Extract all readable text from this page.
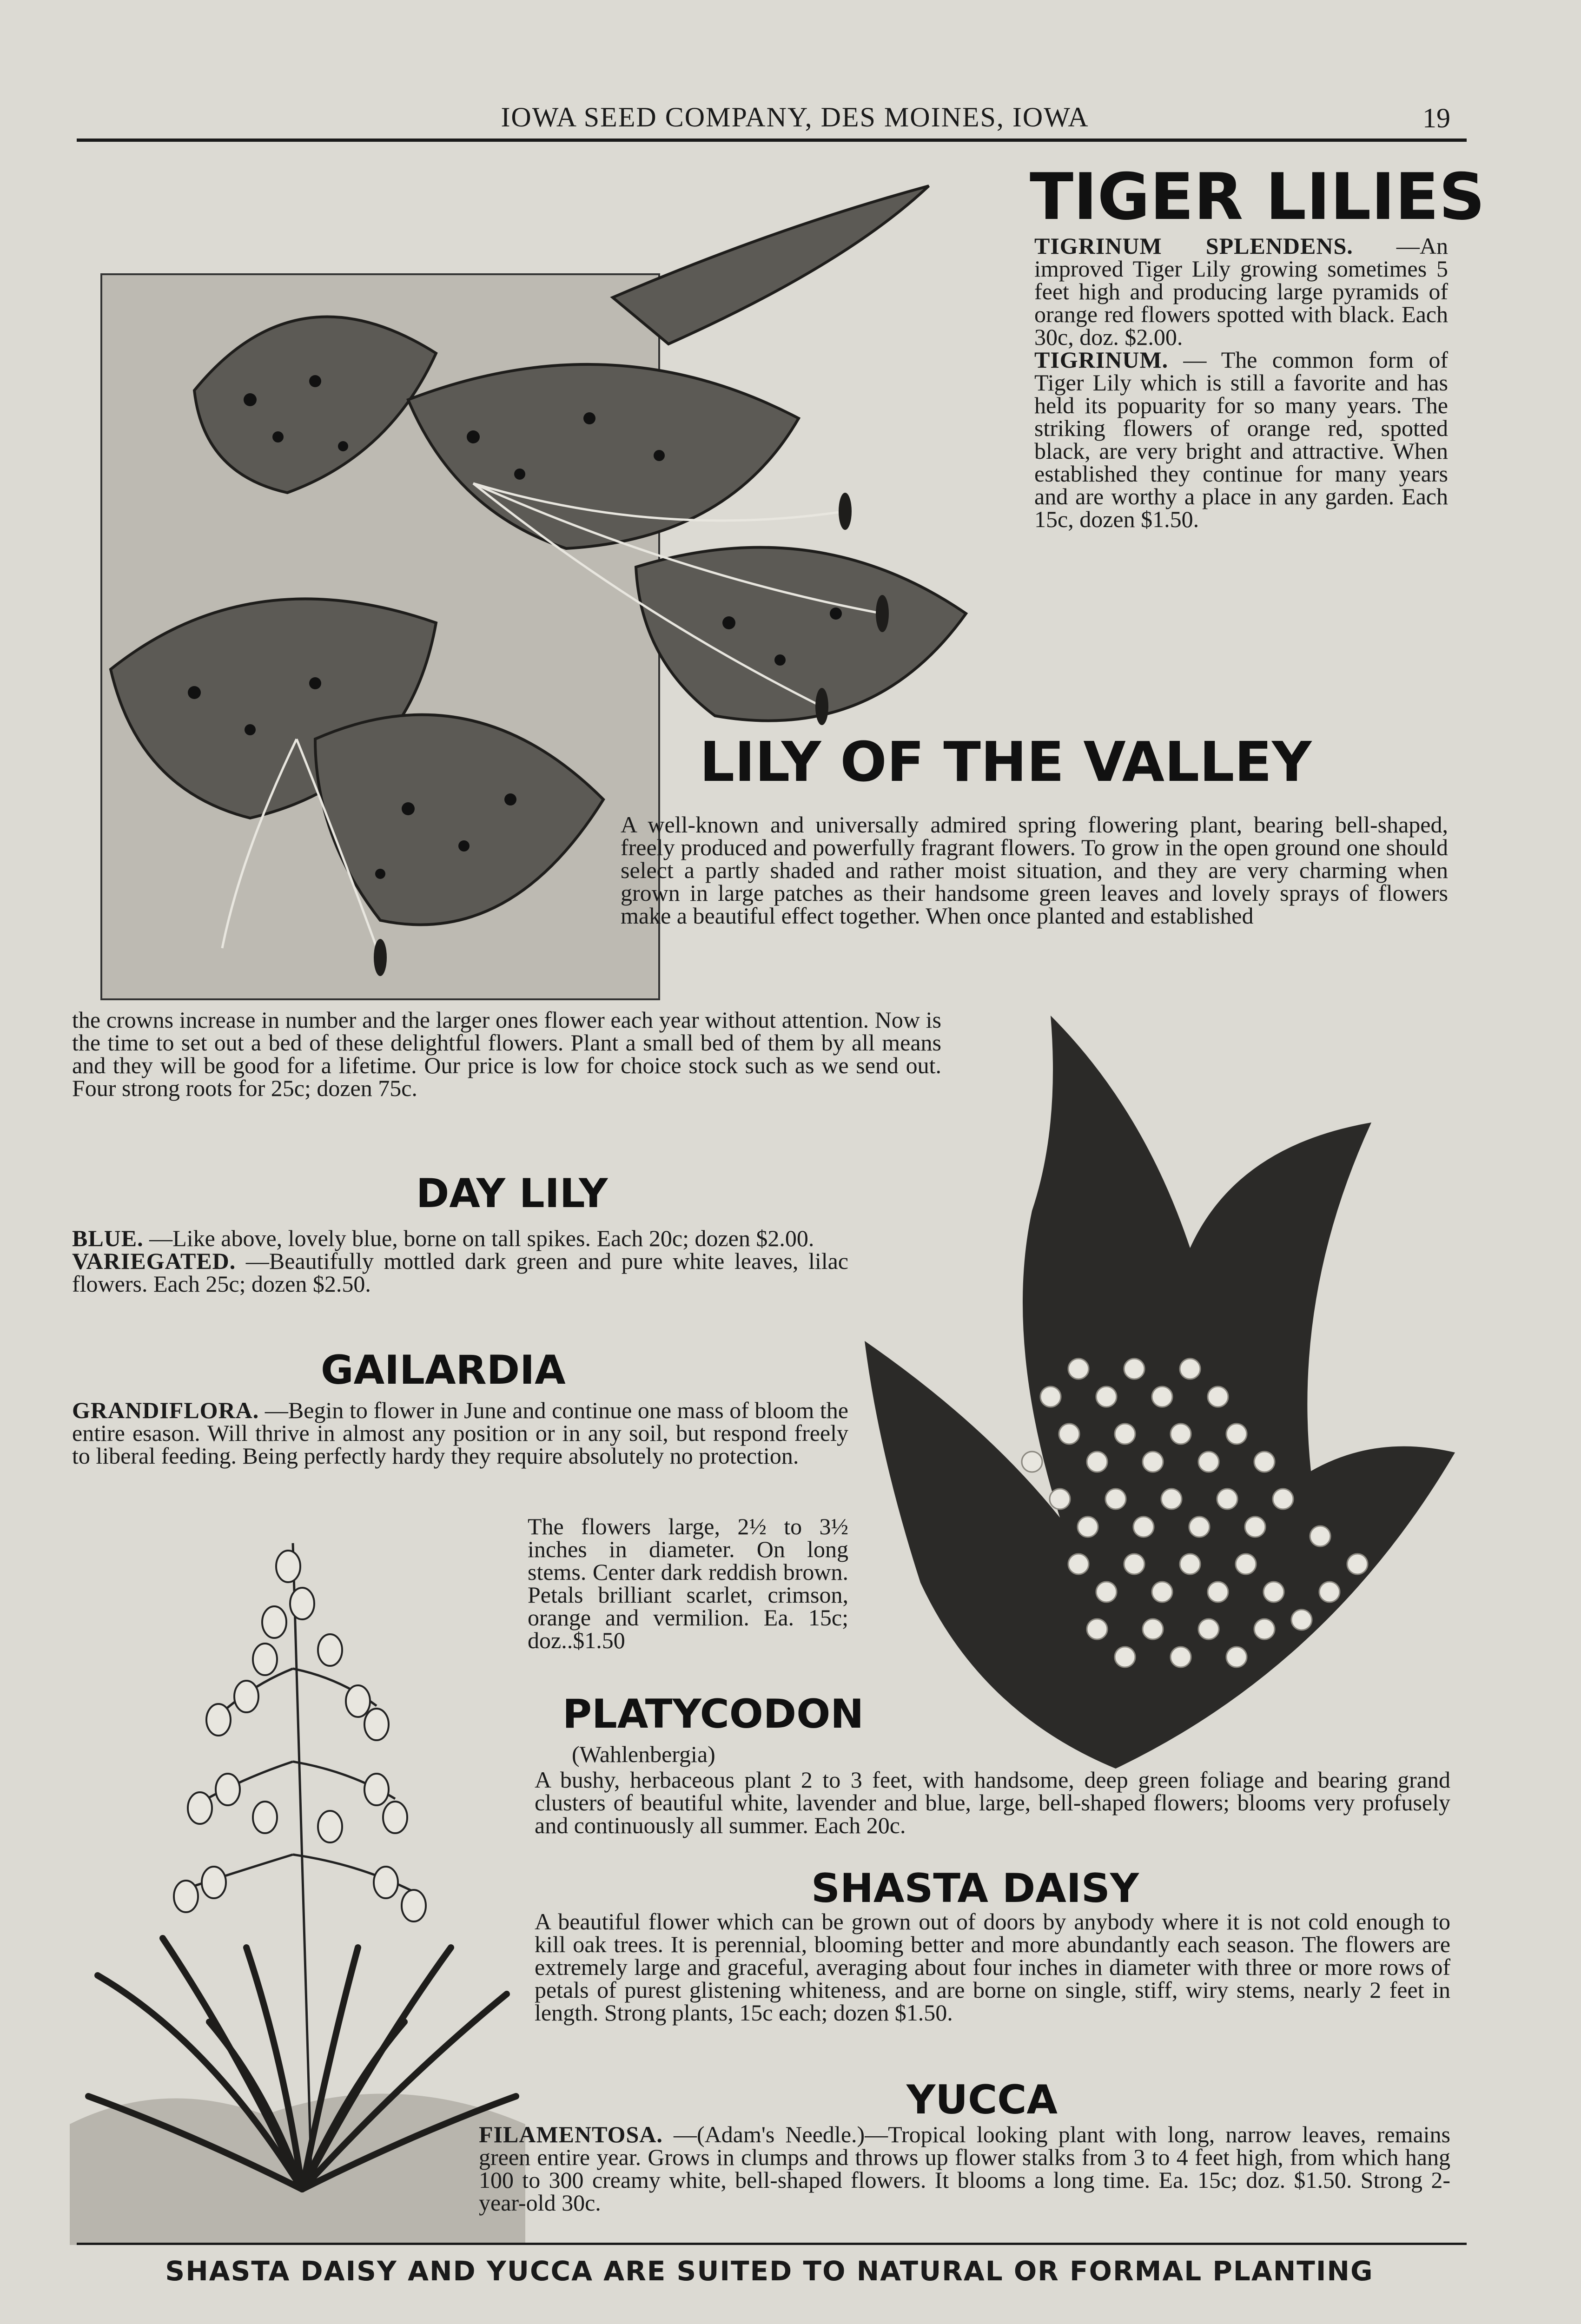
IOWA SEED COMPANY, DES MOINES, IOWA	19
TIGER LILIES
TIGRINUM SPLENDENS. —An improved Tiger Lily growing sometimes 5 feet high and producing large pyramids of orange red flowers spotted with black. Each 30c, doz. $2.00.
TIGRINUM. — The common form of Tiger Lily which is still a favorite and has held its popuarity for so many years. The striking flowers of orange red, spotted black, are very bright and attractive. When established they continue for many years and are worthy a place in any garden. Each 15c, dozen $1.50.
LILY OF THE VALLEY
A well-known and universally admired spring flowering plant, bearing bell-shaped, freely produced and powerfully fragrant flowers. To grow in the open ground one should select a partly shaded and rather moist situation, and they are very charming when grown in large patches as their handsome green leaves and lovely sprays of flowers make a beautiful effect together. When once planted and established
the crowns increase in number and the larger ones flower each year without attention. Now is the time to set out a bed of these delightful flowers. Plant a small bed of them by all means and they will be good for a lifetime. Our price is low for choice stock such as we send out. Four strong roots for 25c; dozen 75c.
DAY LILY
BLUE. —Like above, lovely blue, borne on tall spikes. Each 20c; dozen $2.00.
VARIEGATED. —Beautifully mottled dark green and pure white leaves, lilac flowers. Each 25c; dozen $2.50.
GAILARDIA
GRANDIFLORA. —Begin to flower in June and continue one mass of bloom the entire esason. Will thrive in almost any position or in any soil, but respond freely to liberal feeding. Being perfectly hardy they require absolutely no protection.
The flowers large, 2½ to 3½ inches in diameter. On long stems. Center dark reddish brown. Petals brilliant scarlet, crimson, orange and vermilion. Ea. 15c; doz..$1.50
PLATYCODON
(Wahlenbergia)
A bushy, herbaceous plant 2 to 3 feet, with handsome, deep green foliage and bearing grand clusters of beautiful white, lavender and blue, large, bell-shaped flowers; blooms very profusely and continuously all summer. Each 20c.
SHASTA DAISY
A beautiful flower which can be grown out of doors by anybody where it is not cold enough to kill oak trees. It is perennial, blooming better and more abundantly each season. The flowers are extremely large and graceful, averaging about four inches in diameter with three or more rows of petals of purest glistening whiteness, and are borne on single, stiff, wiry stems, nearly 2 feet in length. Strong plants, 15c each; dozen $1.50.
YUCCA
FILAMENTOSA. —(Adam's Needle.)—Tropical looking plant with long, narrow leaves, remains green entire year. Grows in clumps and throws up flower stalks from 3 to 4 feet high, from which hang 100 to 300 creamy white, bell-shaped flowers. It blooms a long time. Ea. 15c; doz. $1.50. Strong 2-year-old 30c.
SHASTA DAISY AND YUCCA ARE SUITED TO NATURAL OR FORMAL PLANTING
